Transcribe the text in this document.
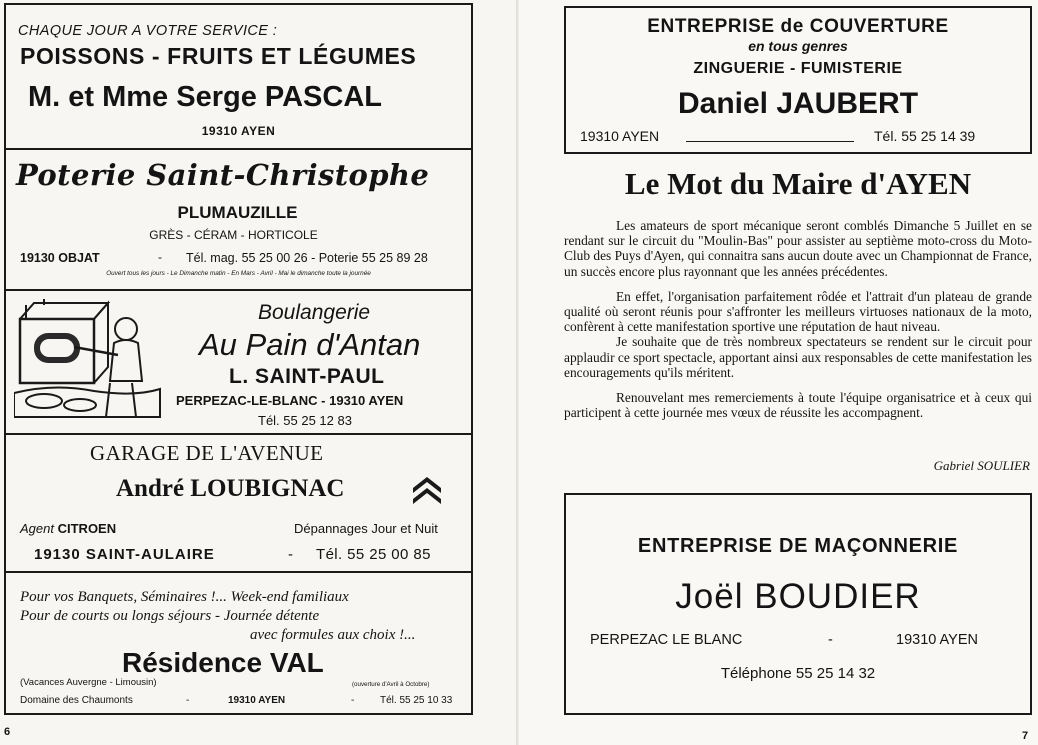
CHAQUE JOUR A VOTRE SERVICE :
POISSONS - FRUITS ET LÉGUMES
M. et Mme Serge PASCAL
19310 AYEN
Poterie Saint-Christophe
PLUMAUZILLE
GRÈS - CÉRAM - HORTICOLE
19130 OBJAT	- Tél. mag. 55 25 00 26 - Poterie 55 25 89 28
Ouvert tous les jours - Le Dimanche matin - En Mars - Avril - Mai le dimanche toute la journée
Boulangerie
Au Pain d'Antan
L. SAINT-PAUL
PERPEZAC-LE-BLANC - 19310 AYEN
Tél. 55 25 12 83
GARAGE DE L'AVENUE
André LOUBIGNAC
Agent CITROEN	Dépannages Jour et Nuit
19130 SAINT-AULAIRE	- Tél. 55 25 00 85
Pour vos Banquets, Séminaires !... Week-end familiaux
Pour de courts ou longs séjours - Journée détente
avec formules aux choix !...
Résidence VAL
(Vacances Auvergne - Limousin)	(ouverture d'Avril à Octobre)
Domaine des Chaumonts	-	19310 AYEN	-	Tél. 55 25 10 33
6
ENTREPRISE de COUVERTURE
en tous genres
ZINGUERIE - FUMISTERIE
Daniel JAUBERT
19310 AYEN	Tél. 55 25 14 39
Le Mot du Maire d'AYEN

Les amateurs de sport mécanique seront comblés Dimanche 5 Juillet en se rendant sur le circuit du "Moulin-Bas" pour assister au septième moto-cross du Moto-Club des Puys d'Ayen, qui connaitra sans aucun doute avec un Championnat de France, un succès encore plus rayonnant que les années précédentes.

En effet, l'organisation parfaitement rôdée et l'attrait d'un plateau de grande qualité où seront réunis pour s'affronter les meilleurs virtuoses nationaux de la moto, confèrent à cette manifestation sportive une réputation de haut niveau.

Je souhaite que de très nombreux spectateurs se rendent sur le circuit pour applaudir ce sport spectacle, apportant ainsi aux responsables de cette manifestation les encouragements qu'ils méritent.

Renouvelant mes remerciements à toute l'équipe organisatrice et à ceux qui participent à cette journée mes vœux de réussite les accompagnent.

Gabriel SOULIER
ENTREPRISE DE MAÇONNERIE
Joël BOUDIER
PERPEZAC LE BLANC	-	19310 AYEN
Téléphone 55 25 14 32
7
